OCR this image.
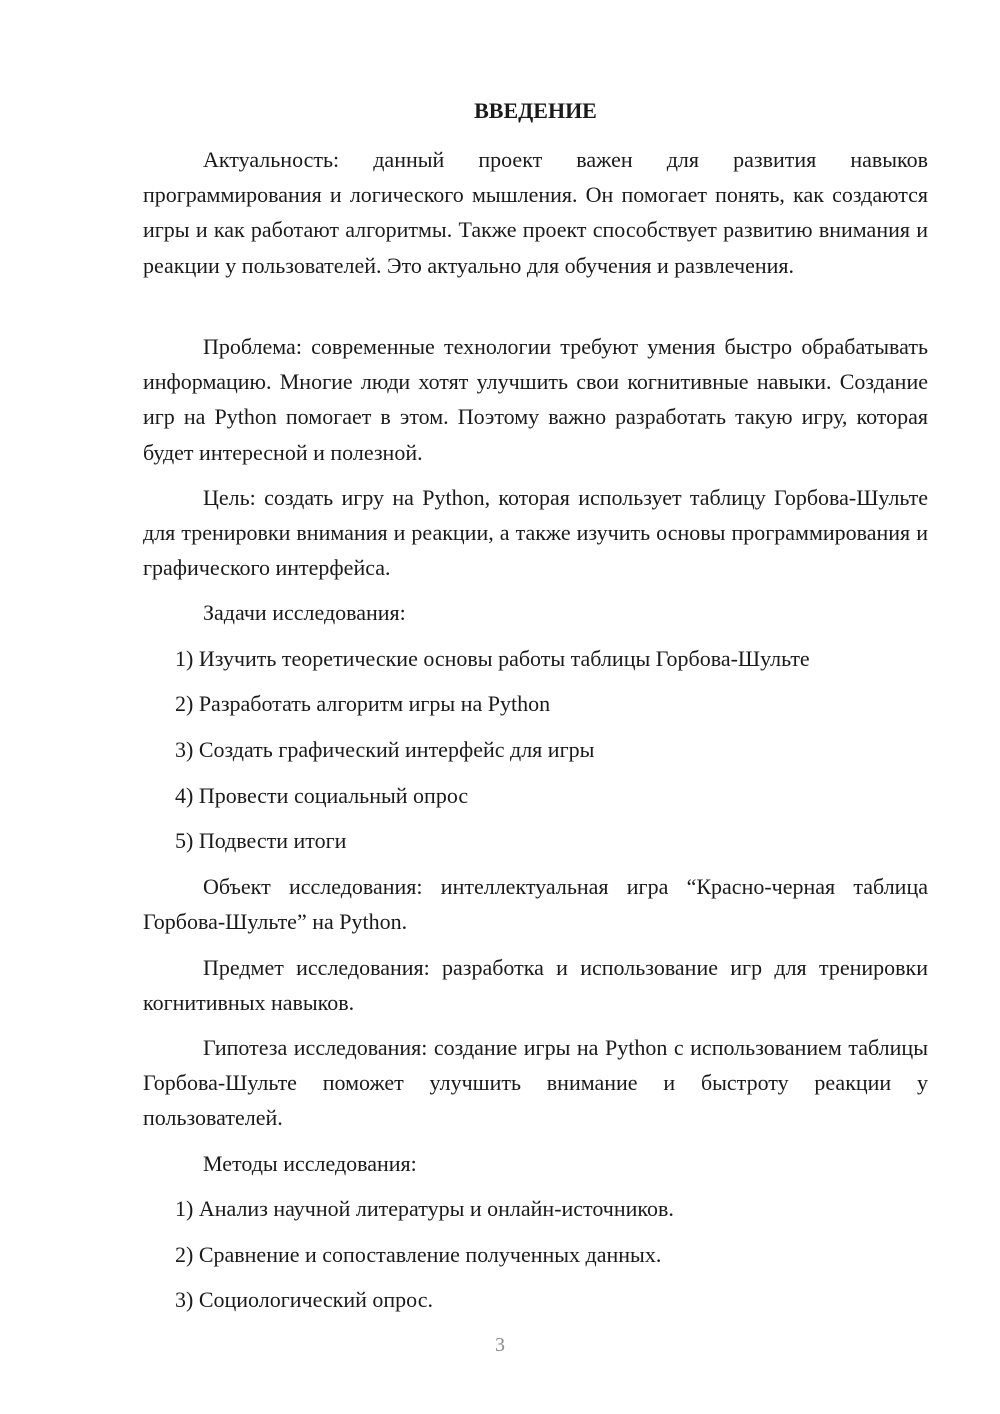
ВВЕДЕНИЕ

Актуальность: данный проект важен для развития навыков программирования и логического мышления. Он помогает понять, как создаются игры и как работают алгоритмы. Также проект способствует развитию внимания и реакции у пользователей. Это актуально для обучения и развлечения.

Проблема: современные технологии требуют умения быстро обрабатывать информацию. Многие люди хотят улучшить свои когнитивные навыки. Создание игр на Python помогает в этом. Поэтому важно разработать такую игру, которая будет интересной и полезной.

Цель: создать игру на Python, которая использует таблицу Горбова-Шульте для тренировки внимания и реакции, а также изучить основы программирования и графического интерфейса.

Задачи исследования:

1) Изучить теоретические основы работы таблицы Горбова-Шульте

2) Разработать алгоритм игры на Python

3) Создать графический интерфейс для игры

4) Провести социальный опрос

5) Подвести итоги

Объект исследования: интеллектуальная игра “Красно-черная таблица Горбова-Шульте” на Python.

Предмет исследования: разработка и использование игр для тренировки когнитивных навыков.

Гипотеза исследования: создание игры на Python с использованием таблицы Горбова-Шульте поможет улучшить внимание и быстроту реакции у пользователей.

Методы исследования:

1) Анализ научной литературы и онлайн-источников.

2) Сравнение и сопоставление полученных данных.

3) Социологический опрос.

3
